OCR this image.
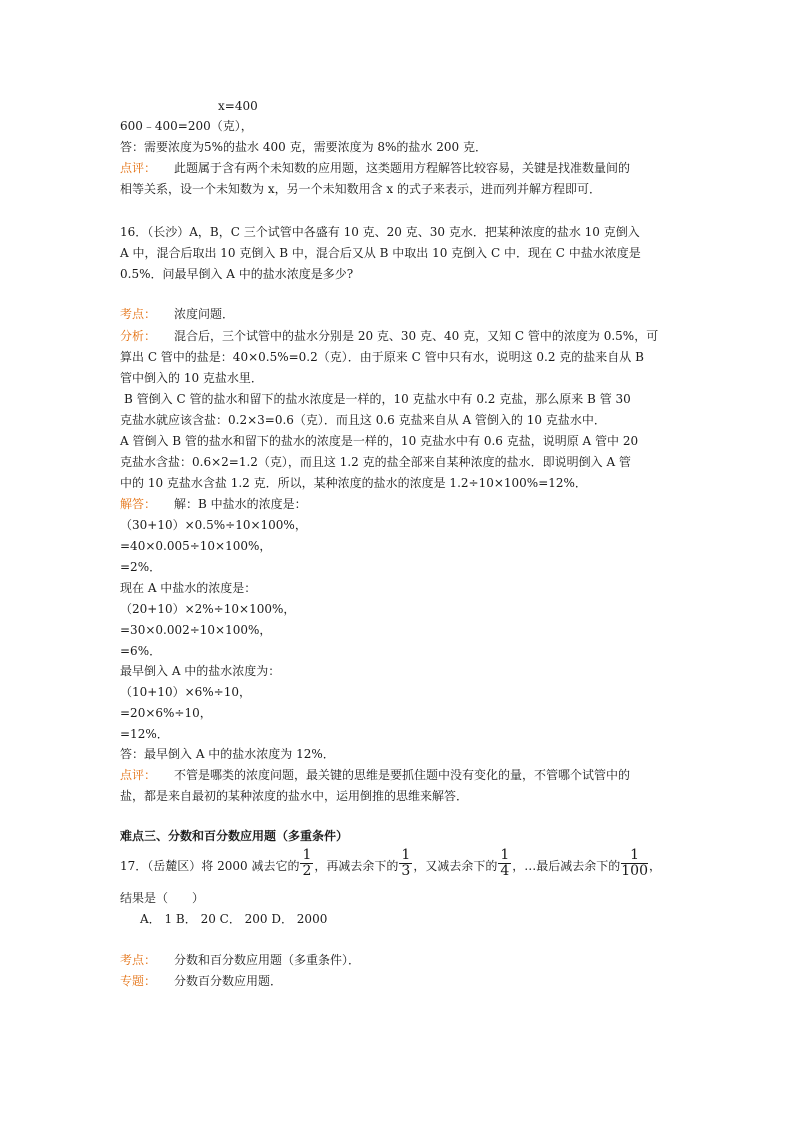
x=400
600﹣400=200（克），
答：需要浓度为5%的盐水 400 克，需要浓度为 8%的盐水 200 克．
点评： 此题属于含有两个未知数的应用题，这类题用方程解答比较容易，关键是找准数量间的
相等关系，设一个未知数为 x，另一个未知数用含 x 的式子来表示，进而列并解方程即可．
16．（长沙）A，B，C 三个试管中各盛有 10 克、20 克、30 克水．把某种浓度的盐水 10 克倒入
A 中，混合后取出 10 克倒入 B 中，混合后又从 B 中取出 10 克倒入 C 中．现在 C 中盐水浓度是
0.5%．问最早倒入 A 中的盐水浓度是多少?
考点： 浓度问题．
分析： 混合后，三个试管中的盐水分别是 20 克、30 克、40 克，又知 C 管中的浓度为 0.5%，可
算出 C 管中的盐是：40×0.5%=0.2（克）．由于原来 C 管中只有水，说明这 0.2 克的盐来自从 B
管中倒入的 10 克盐水里．
B 管倒入 C 管的盐水和留下的盐水浓度是一样的，10 克盐水中有 0.2 克盐，那么原来 B 管 30
克盐水就应该含盐：0.2×3=0.6（克）．而且这 0.6 克盐来自从 A 管倒入的 10 克盐水中．
A 管倒入 B 管的盐水和留下的盐水的浓度是一样的，10 克盐水中有 0.6 克盐，说明原 A 管中 20
克盐水含盐：0.6×2=1.2（克），而且这 1.2 克的盐全部来自某种浓度的盐水．即说明倒入 A 管
中的 10 克盐水含盐 1.2 克．所以，某种浓度的盐水的浓度是 1.2÷10×100%=12%．
解答： 解：B 中盐水的浓度是：
（30+10）×0.5%÷10×100%，
=40×0.005÷10×100%，
=2%．
现在 A 中盐水的浓度是：
（20+10）×2%÷10×100%，
=30×0.002÷10×100%，
=6%．
最早倒入 A 中的盐水浓度为：
（10+10）×6%÷10，
=20×6%÷10，
=12%．
答：最早倒入 A 中的盐水浓度为 12%．
点评： 不管是哪类的浓度问题，最关键的思维是要抓住题中没有变化的量，不管哪个试管中的
盐，都是来自最初的某种浓度的盐水中，运用倒推的思维来解答．
难点三、分数和百分数应用题（多重条件）
17．（岳麓区）将 2000 减去它的 $\frac{1}{2}$ ，再减去余下的 $\frac{1}{3}$ ，又减去余下的 $\frac{1}{4}$ ，…最后减去余下的 $\frac{1}{100}$ ，
结果是（　　）
A． 1 B． 20 C． 200 D． 2000
考点： 分数和百分数应用题（多重条件）．
专题： 分数百分数应用题．
